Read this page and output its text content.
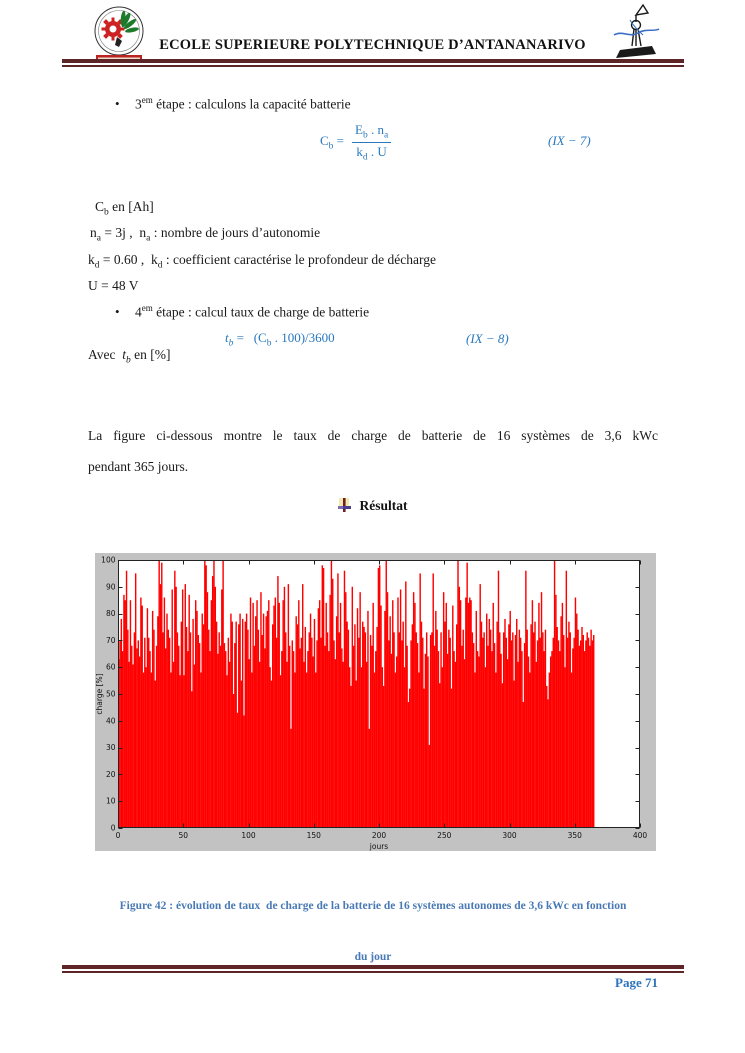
ECOLE SUPERIEURE POLYTECHNIQUE D’ANTANANARIVO
•	$3^{em}$ étape : calculons la capacité batterie
$C_b = \frac{E_b . n_a}{k_d . U}$	(IX − 7)
$C_b$ en [Ah]
$n_a = 3j$ ,  $n_a$ : nombre de jours d’autonomie
$k_d = 0.60$ ,  $k_d$ : coefficient caractérise le profondeur de décharge
U = 48 V
•	$4^{em}$ étape : calcul taux de charge de batterie
$t_b = (C_b$ . 100)/3600	(IX − 8)
Avec  $t_b$ en [%]
La figure ci-dessous montre le taux de charge de batterie de 16 systèmes de 3,6 kWc
pendant 365 jours.
Résultat

Figure 42 : évolution de taux  de charge de la batterie de 16 systèmes autonomes de 3,6 kWc en fonction

du jour

Page 71
